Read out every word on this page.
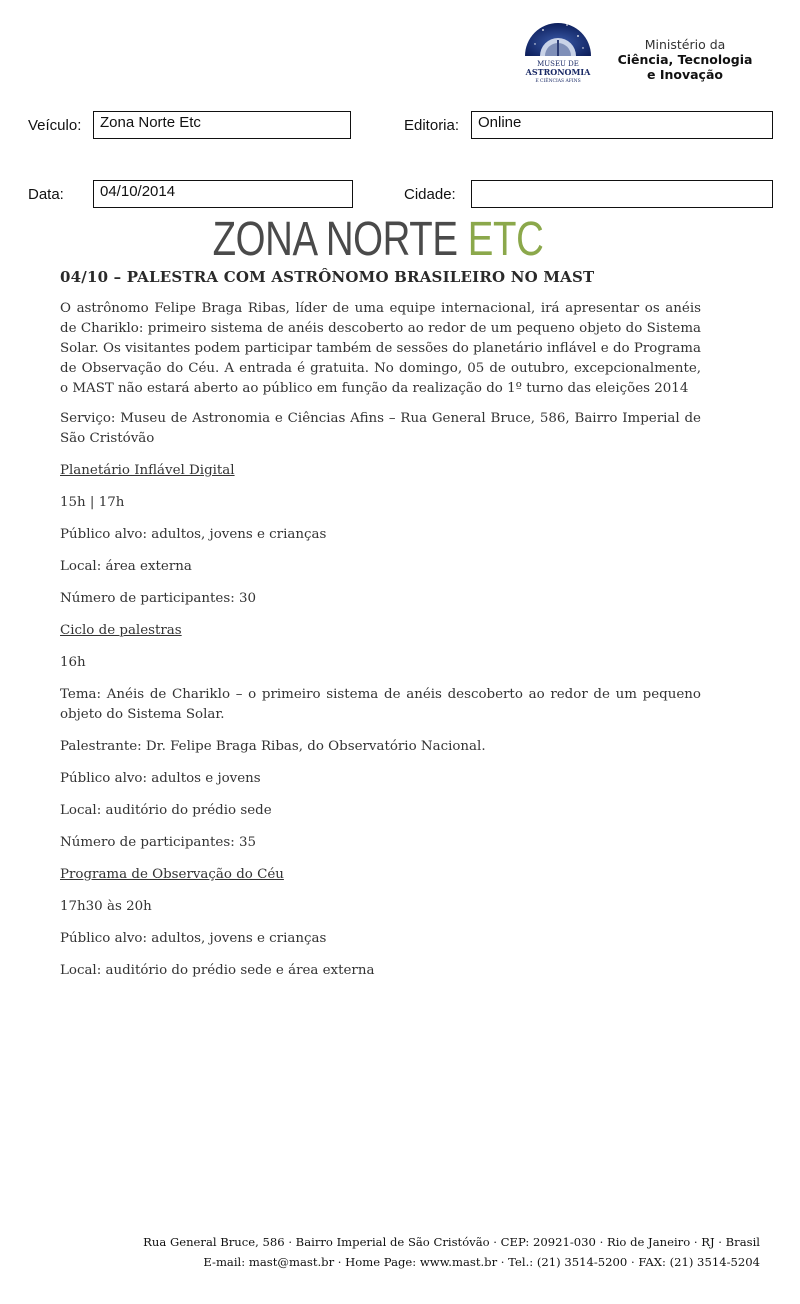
MUSEU DE
ASTRONOMIA
E CIÊNCIAS AFINS
Ministério da
Ciência, Tecnologia
e Inovação
Veículo:	Zona Norte Etc	Editoria:	Online
Data:	04/10/2014	Cidade:
ZONA NORTE ETC
04/10 – PALESTRA COM ASTRÔNOMO BRASILEIRO NO MAST
O astrônomo Felipe Braga Ribas, líder de uma equipe internacional, irá apresentar os anéis de Chariklo: primeiro sistema de anéis descoberto ao redor de um pequeno objeto do Sistema Solar. Os visitantes podem participar também de sessões do planetário inflável e do Programa de Observação do Céu. A entrada é gratuita. No domingo, 05 de outubro, excepcionalmente, o MAST não estará aberto ao público em função da realização do 1º turno das eleições 2014
Serviço: Museu de Astronomia e Ciências Afins – Rua General Bruce, 586, Bairro Imperial de São Cristóvão
Planetário Inflável Digital
15h | 17h
Público alvo: adultos, jovens e crianças
Local: área externa
Número de participantes: 30
Ciclo de palestras
16h
Tema: Anéis de Chariklo – o primeiro sistema de anéis descoberto ao redor de um pequeno objeto do Sistema Solar.
Palestrante: Dr. Felipe Braga Ribas, do Observatório Nacional.
Público alvo: adultos e jovens
Local: auditório do prédio sede
Número de participantes: 35
Programa de Observação do Céu
17h30 às 20h
Público alvo: adultos, jovens e crianças
Local: auditório do prédio sede e área externa
Rua General Bruce, 586 · Bairro Imperial de São Cristóvão · CEP: 20921-030 · Rio de Janeiro · RJ · Brasil
E-mail: mast@mast.br · Home Page: www.mast.br · Tel.: (21) 3514-5200 · FAX: (21) 3514-5204
